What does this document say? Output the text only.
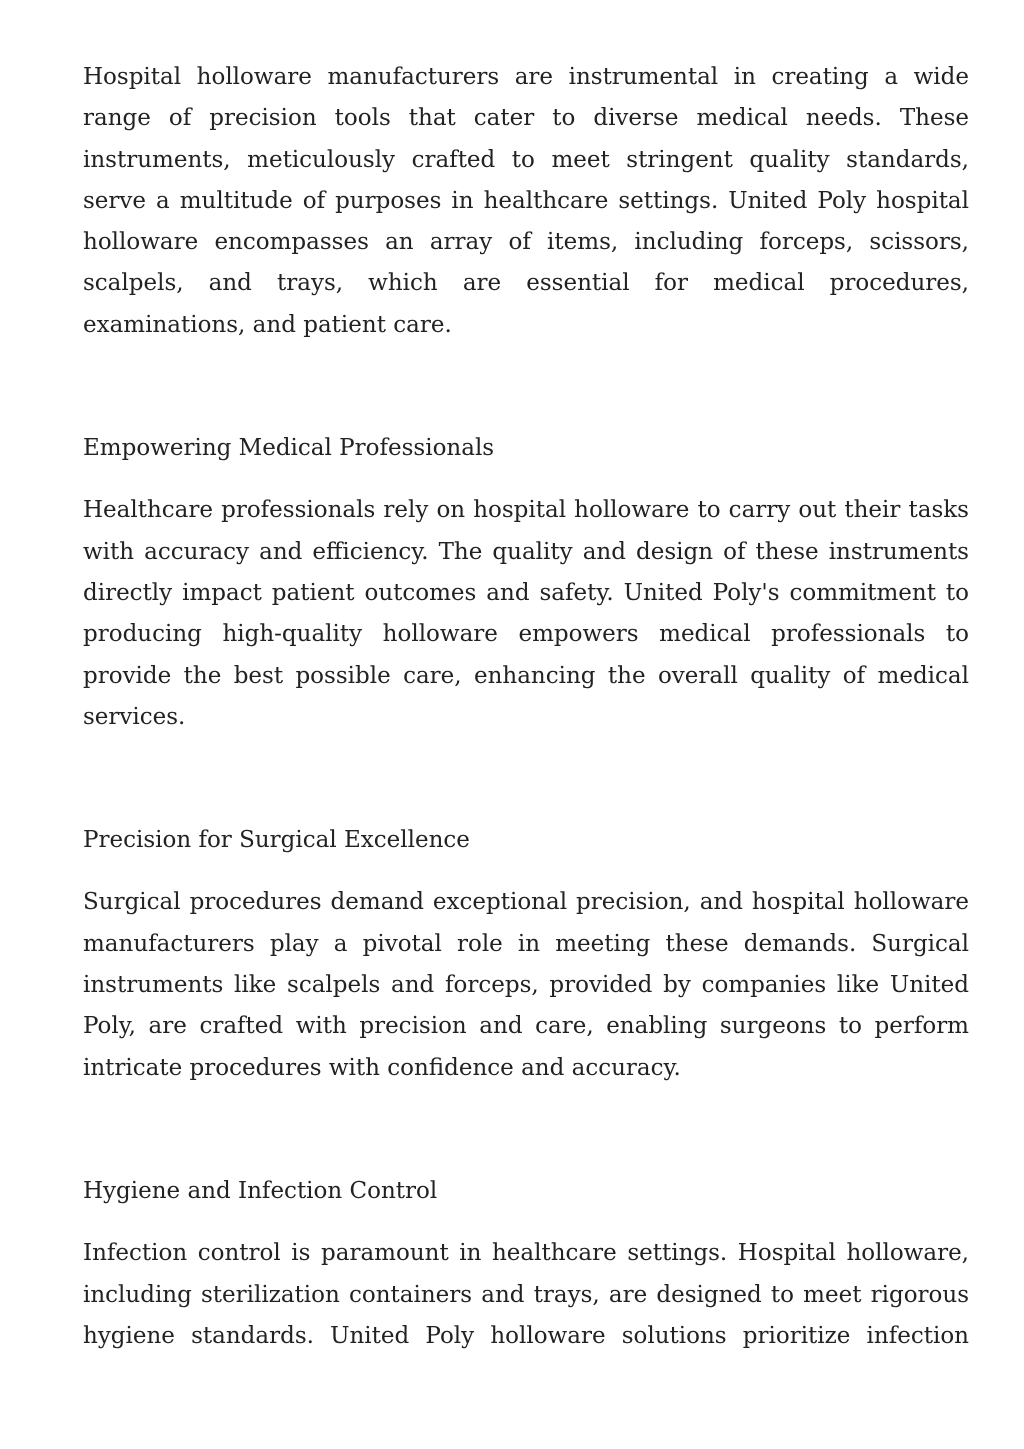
Hospital holloware manufacturers are instrumental in creating a wide range of precision tools that cater to diverse medical needs. These instruments, meticulously crafted to meet stringent quality standards, serve a multitude of purposes in healthcare settings. United Poly hospital holloware encompasses an array of items, including forceps, scissors, scalpels, and trays, which are essential for medical procedures, examinations, and patient care.

Empowering Medical Professionals

Healthcare professionals rely on hospital holloware to carry out their tasks with accuracy and efficiency. The quality and design of these instruments directly impact patient outcomes and safety. United Poly's commitment to producing high-quality holloware empowers medical professionals to provide the best possible care, enhancing the overall quality of medical services.

Precision for Surgical Excellence

Surgical procedures demand exceptional precision, and hospital holloware manufacturers play a pivotal role in meeting these demands. Surgical instruments like scalpels and forceps, provided by companies like United Poly, are crafted with precision and care, enabling surgeons to perform intricate procedures with confidence and accuracy.

Hygiene and Infection Control

Infection control is paramount in healthcare settings. Hospital holloware, including sterilization containers and trays, are designed to meet rigorous hygiene standards. United Poly holloware solutions prioritize infection
